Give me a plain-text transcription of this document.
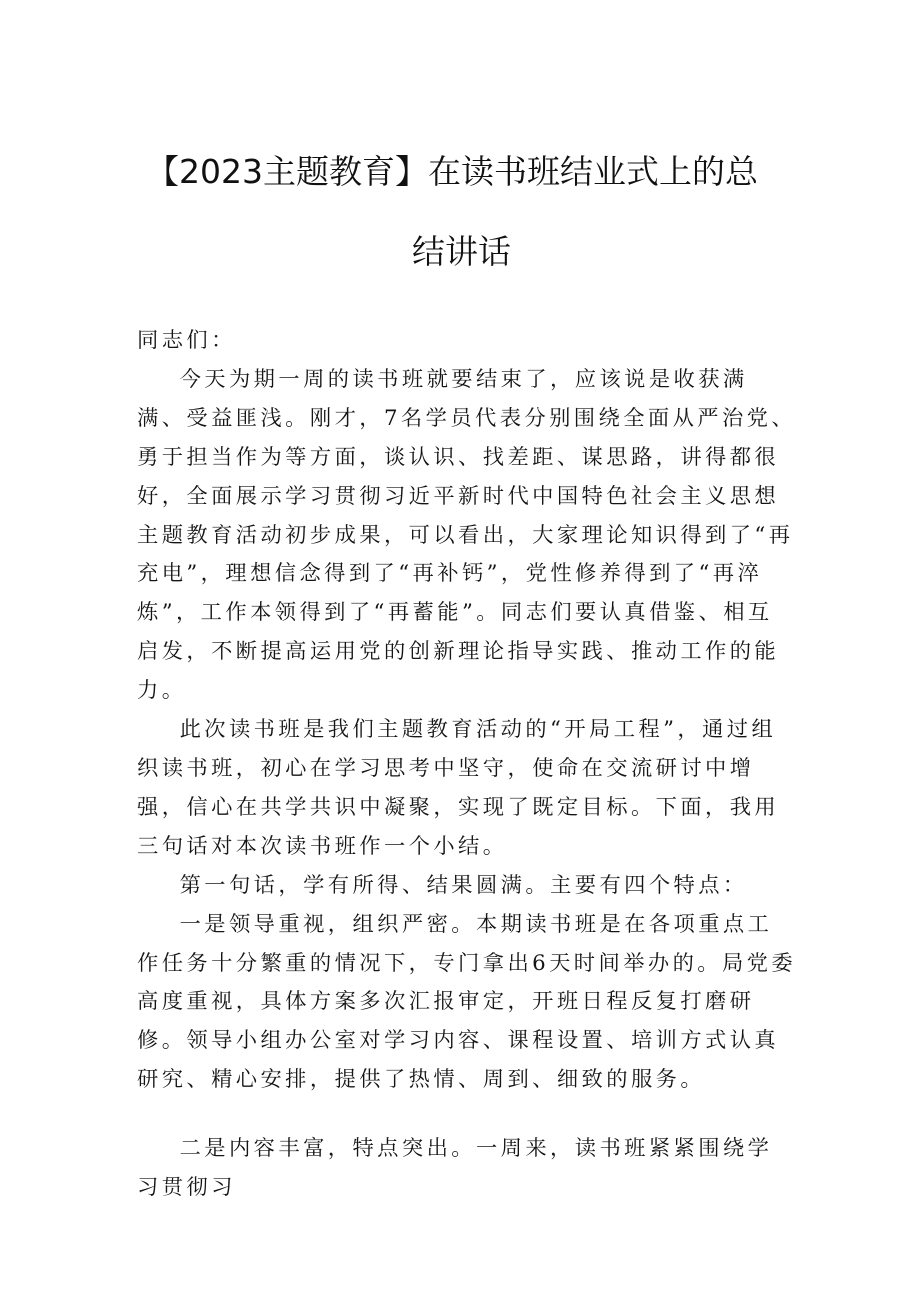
【2023主题教育】在读书班结业式上的总
结讲话

同志们：

今天为期一周的读书班就要结束了，应该说是收获满满、受益匪浅。刚才，7名学员代表分别围绕全面从严治党、勇于担当作为等方面，谈认识、找差距、谋思路，讲得都很好，全面展示学习贯彻习近平新时代中国特色社会主义思想主题教育活动初步成果，可以看出，大家理论知识得到了“再充电”，理想信念得到了“再补钙”，党性修养得到了“再淬炼”，工作本领得到了“再蓄能”。同志们要认真借鉴、相互启发，不断提高运用党的创新理论指导实践、推动工作的能力。

此次读书班是我们主题教育活动的“开局工程”，通过组织读书班，初心在学习思考中坚守，使命在交流研讨中增强，信心在共学共识中凝聚，实现了既定目标。下面，我用三句话对本次读书班作一个小结。

第一句话，学有所得、结果圆满。主要有四个特点：

一是领导重视，组织严密。本期读书班是在各项重点工作任务十分繁重的情况下，专门拿出6天时间举办的。局党委高度重视，具体方案多次汇报审定，开班日程反复打磨研修。领导小组办公室对学习内容、课程设置、培训方式认真研究、精心安排，提供了热情、周到、细致的服务。

二是内容丰富，特点突出。一周来，读书班紧紧围绕学习贯彻习
